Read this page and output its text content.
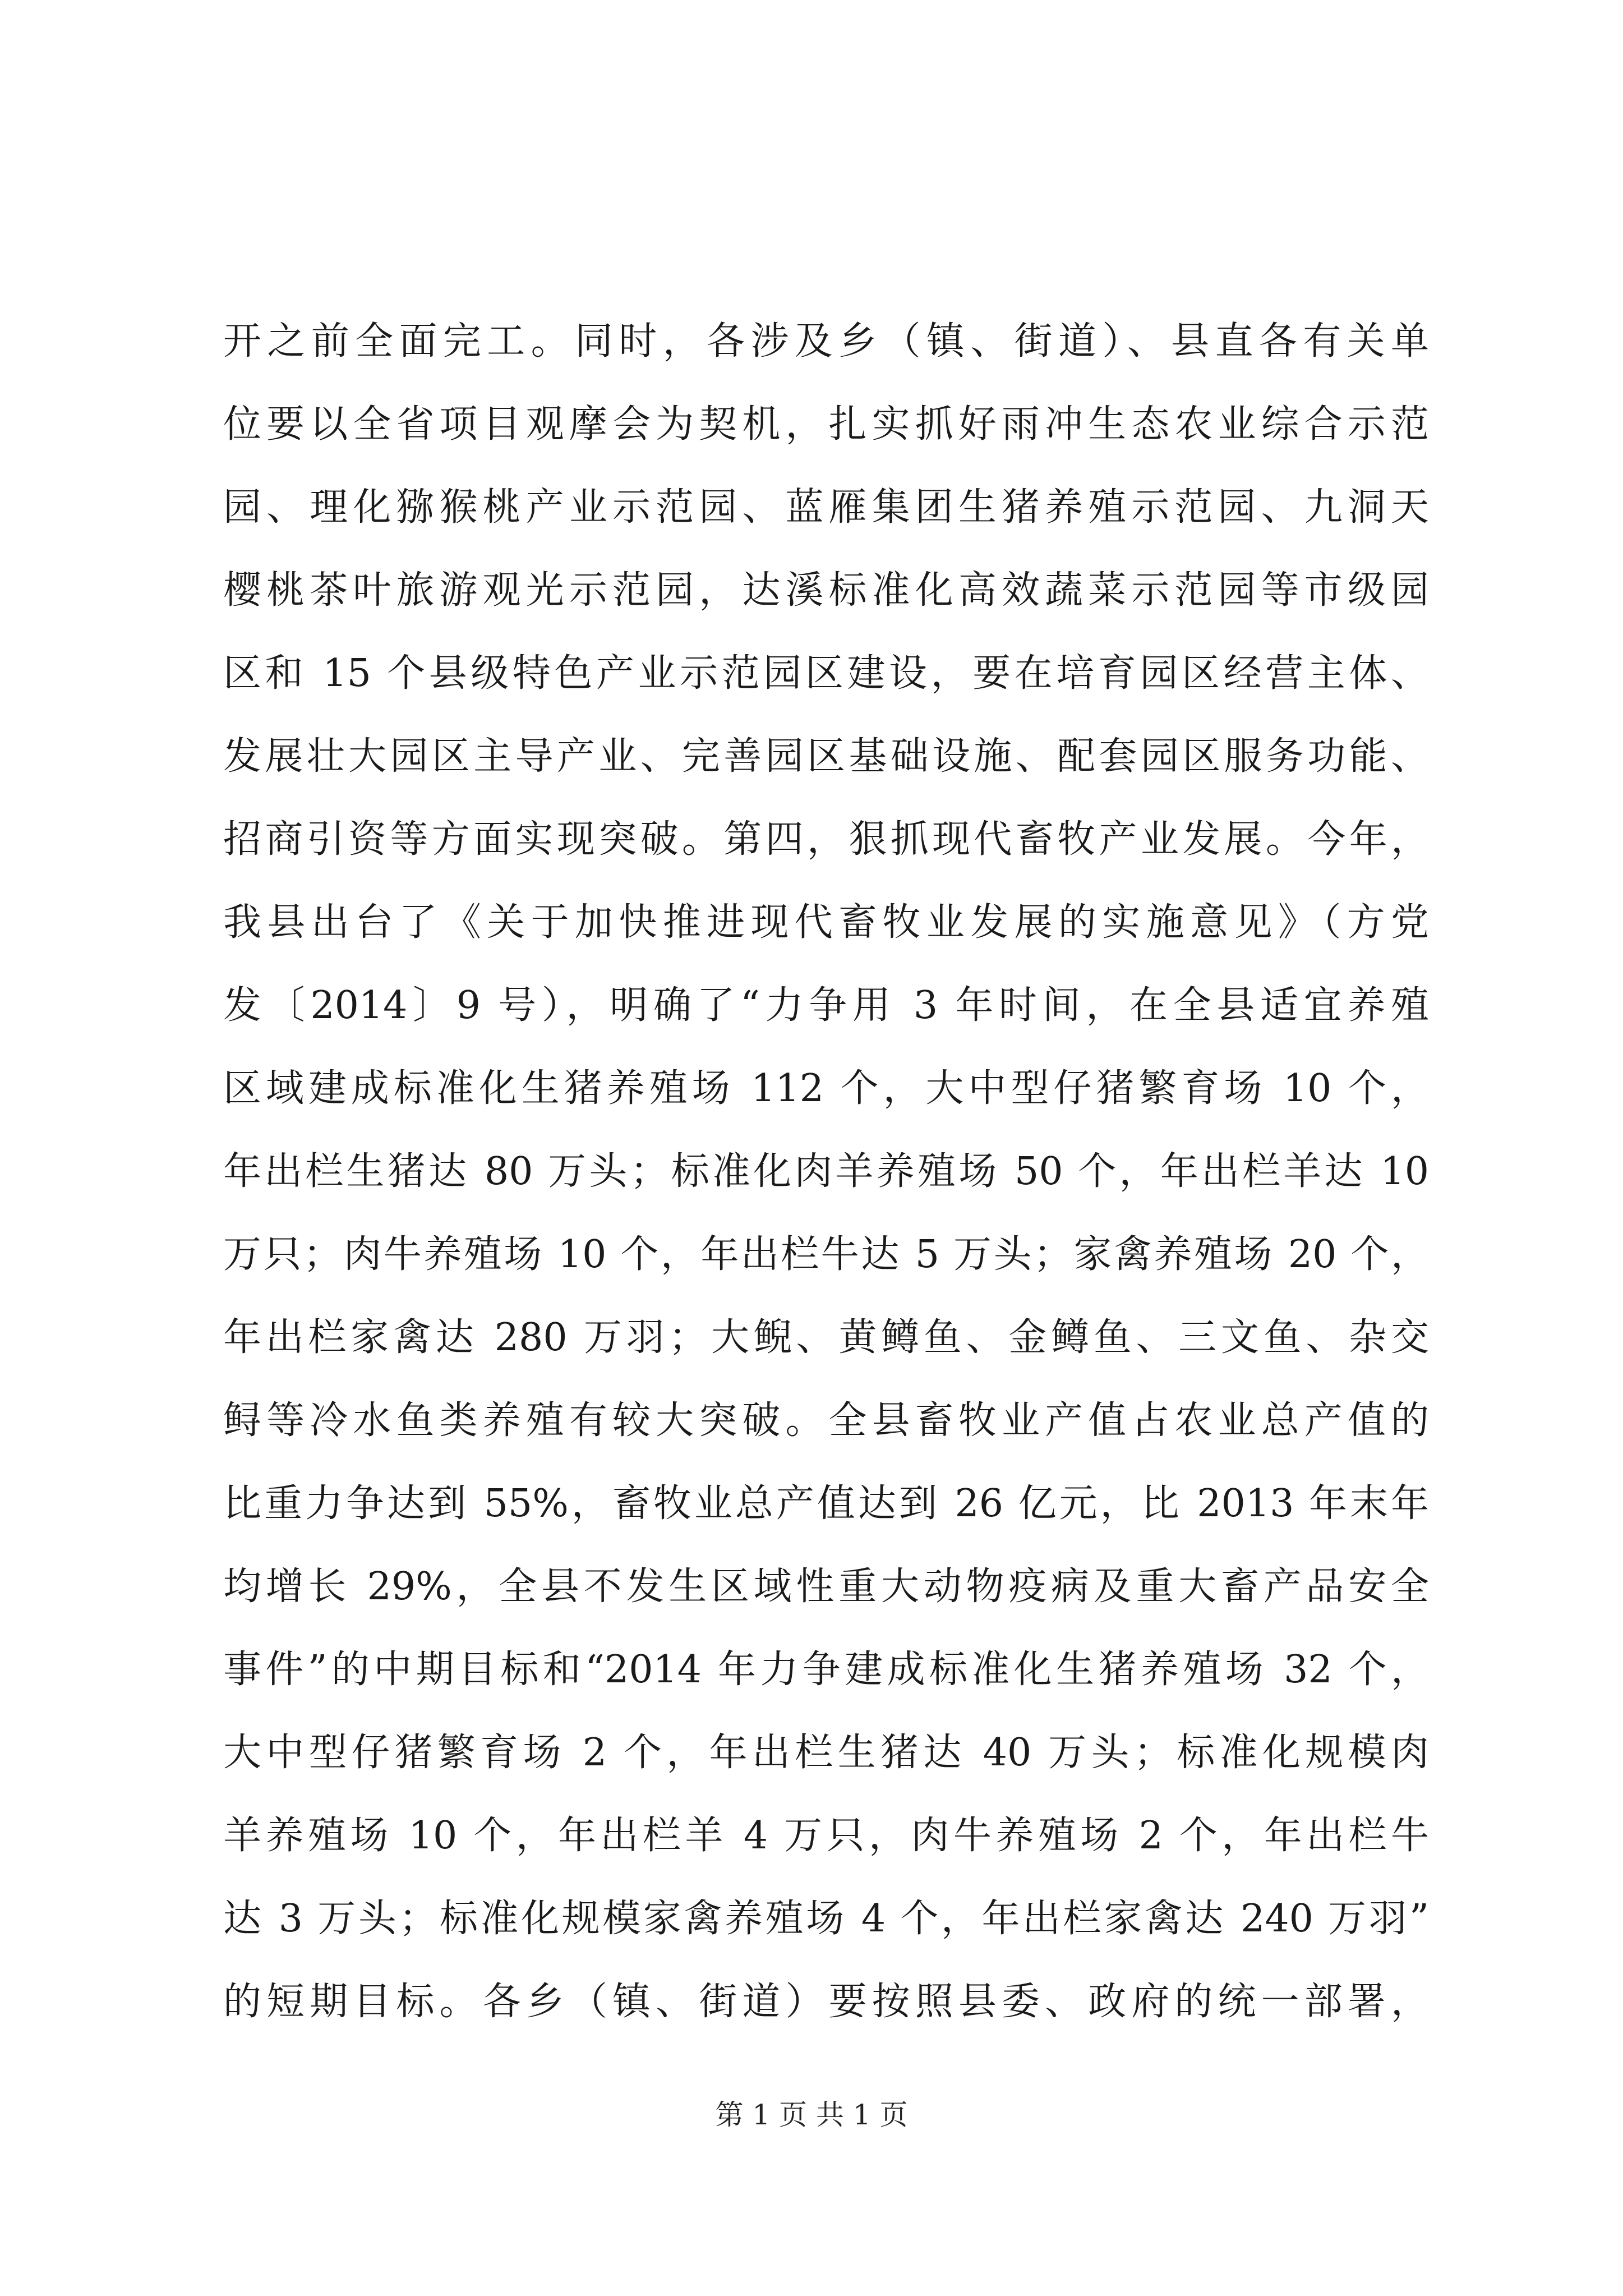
开之前全面完工。同时，各涉及乡（镇、街道）、县直各有关单
位要以全省项目观摩会为契机，扎实抓好雨冲生态农业综合示范
园、理化猕猴桃产业示范园、蓝雁集团生猪养殖示范园、九洞天
樱桃茶叶旅游观光示范园，达溪标准化高效蔬菜示范园等市级园
区和 15 个县级特色产业示范园区建设，要在培育园区经营主体、
发展壮大园区主导产业、完善园区基础设施、配套园区服务功能、
招商引资等方面实现突破。第四，狠抓现代畜牧产业发展。今年，
我县出台了《关于加快推进现代畜牧业发展的实施意见》（方党
发〔2014〕9 号），明确了“力争用 3 年时间，在全县适宜养殖
区域建成标准化生猪养殖场 112 个，大中型仔猪繁育场 10 个，
年出栏生猪达 80 万头；标准化肉羊养殖场 50 个，年出栏羊达 10
万只；肉牛养殖场 10 个，年出栏牛达 5 万头；家禽养殖场 20 个，
年出栏家禽达 280 万羽；大鲵、黄鳟鱼、金鳟鱼、三文鱼、杂交
鲟等冷水鱼类养殖有较大突破。全县畜牧业产值占农业总产值的
比重力争达到 55%，畜牧业总产值达到 26 亿元，比 2013 年末年
均增长 29%，全县不发生区域性重大动物疫病及重大畜产品安全
事件”的中期目标和“2014 年力争建成标准化生猪养殖场 32 个，
大中型仔猪繁育场 2 个，年出栏生猪达 40 万头；标准化规模肉
羊养殖场 10 个，年出栏羊 4 万只，肉牛养殖场 2 个，年出栏牛
达 3 万头；标准化规模家禽养殖场 4 个，年出栏家禽达 240 万羽”
的短期目标。各乡（镇、街道）要按照县委、政府的统一部署，
第 1 页 共 1 页
